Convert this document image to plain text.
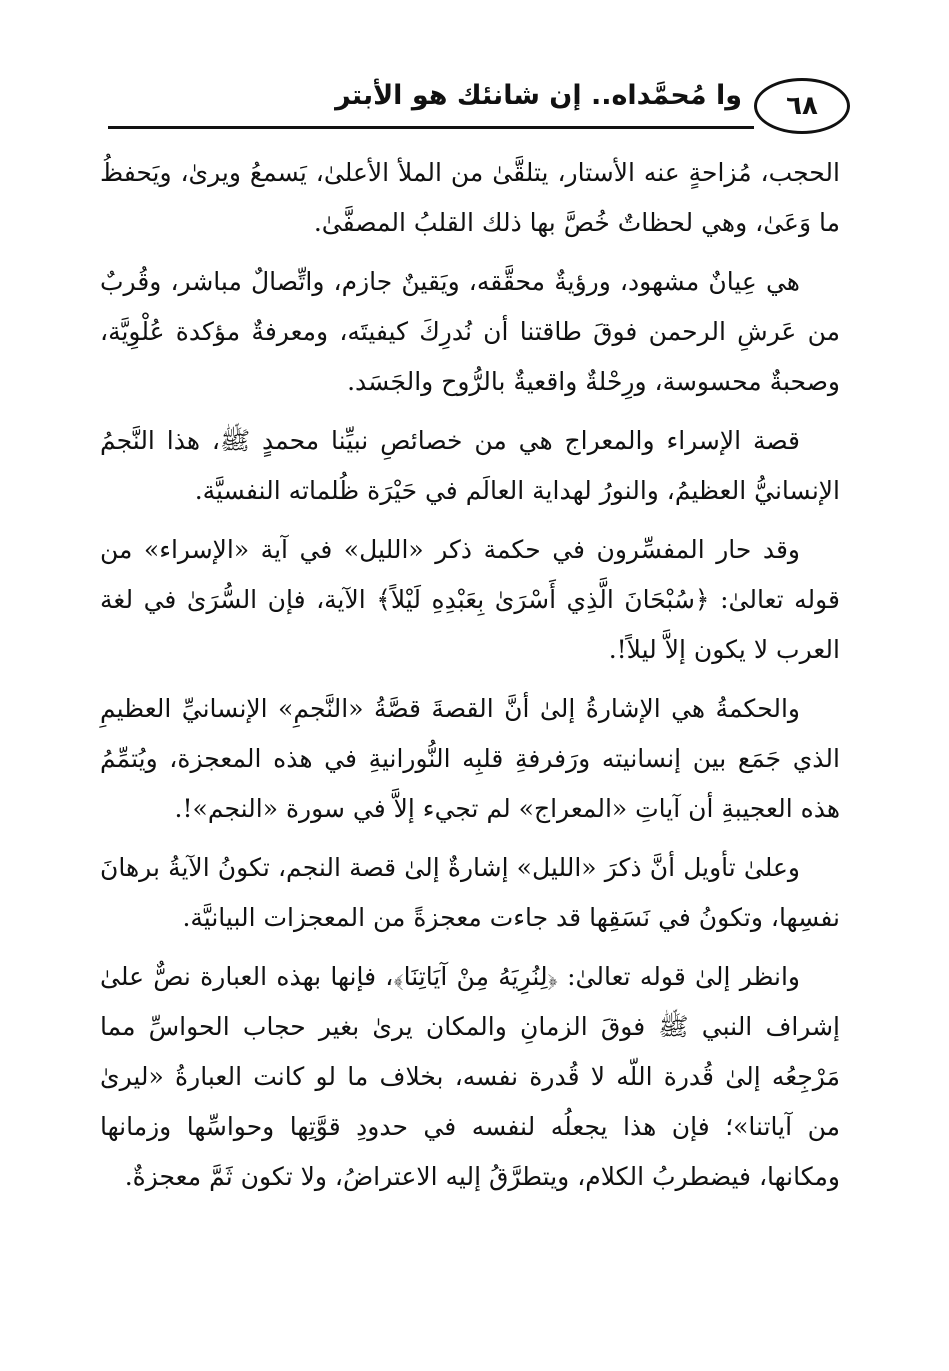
وا مُحمَّداه.. إن شانئك هو الأبتر	٦٨

الحجب، مُزاحةٍ عنه الأستار، يتلقَّىٰ من الملأ الأعلىٰ، يَسمعُ ويرىٰ، ويَحفظُ ما وَعَىٰ، وهي لحظاتٌ خُصَّ بها ذلك القلبُ المصفَّىٰ.

هي عِيانٌ مشهود، ورؤيةٌ محقَّقه، ويَقينٌ جازم، واتِّصالٌ مباشر، وقُربٌ من عَرشِ الرحمن فوقَ طاقتنا أن نُدرِكَ كيفيتَه، ومعرفةٌ مؤكدة عُلْوِيَّة، وصحبةٌ محسوسة، ورِحْلةٌ واقعيةٌ بالرُّوح والجَسَد.

قصة الإسراء والمعراج هي من خصائصِ نبيِّنا محمدٍ ﷺ، هذا النَّجمُ الإنسانيُّ العظيمُ، والنورُ لهداية العالَم في حَيْرَة ظُلماته النفسيَّة.

وقد حار المفسِّرون في حكمة ذكر «الليل» في آية «الإسراء» من قوله تعالىٰ: ﴿سُبْحَانَ الَّذِي أَسْرَىٰ بِعَبْدِهِ لَيْلاً﴾ الآية، فإن السُّرَىٰ في لغة العرب لا يكون إلاَّ ليلاً!.

والحكمةُ هي الإشارةُ إلىٰ أنَّ القصةَ قصَّةُ «النَّجمِ» الإنسانيِّ العظيمِ الذي جَمَع بين إنسانيته ورَفرفةِ قلبِه النُّورانيةِ في هذه المعجزة، ويُتمِّمُ هذه العجيبةِ أن آياتِ «المعراج» لم تجيء إلاَّ في سورة «النجم»!.

وعلىٰ تأويل أنَّ ذكرَ «الليل» إشارةٌ إلىٰ قصة النجم، تكونُ الآيةُ برهانَ نفسِها، وتكونُ في نَسَقِها قد جاءت معجزةً من المعجزات البيانيَّة.

وانظر إلىٰ قوله تعالىٰ: ﴿لِنُرِيَهُ مِنْ آيَاتِنَا﴾، فإنها بهذه العبارة نصٌّ علىٰ إشراف النبي ﷺ فوقَ الزمانِ والمكان يرىٰ بغير حجاب الحواسِّ مما مَرْجِعُه إلىٰ قُدرة اللّه لا قُدرة نفسه، بخلاف ما لو كانت العبارةُ «ليرىٰ من آياتنا»؛ فإن هذا يجعلُه لنفسه في حدودِ قوَّتِها وحواسِّها وزمانها ومكانها، فيضطربُ الكلام، ويتطرَّقُ إليه الاعتراضُ، ولا تكون ثَمَّ معجزةٌ.
